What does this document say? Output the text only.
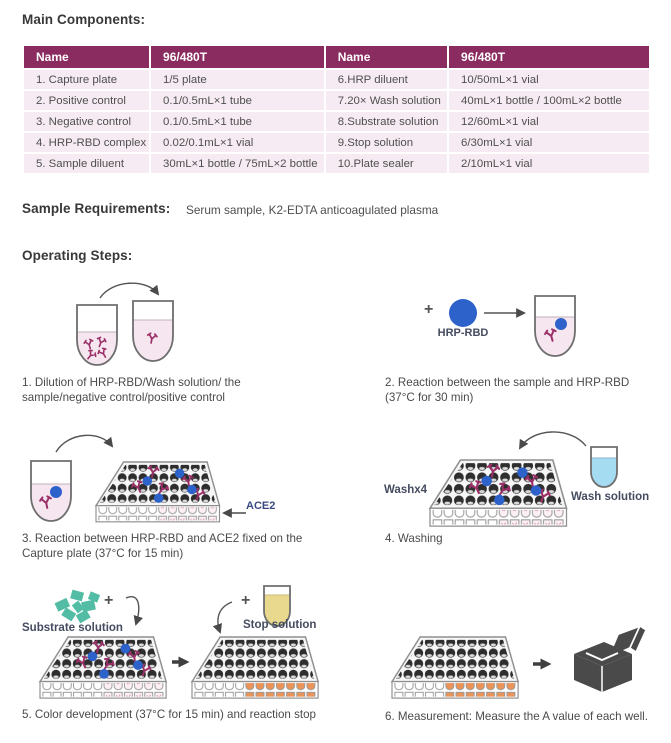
Main Components:
Name	96/480T	Name	96/480T
1. Capture plate	1/5 plate	6.HRP diluent	10/50mL×1 vial
2. Positive control	0.1/0.5mL×1 tube	7.20× Wash solution	40mL×1 bottle / 100mL×2 bottle
3. Negative control	0.1/0.5mL×1 tube	8.Substrate solution	12/60mL×1 vial
4. HRP-RBD complex	0.02/0.1mL×1 vial	9.Stop solution	6/30mL×1 vial
5. Sample diluent	30mL×1 bottle / 75mL×2 bottle	10.Plate sealer	2/10mL×1 vial
Sample Requirements: Serum sample, K2-EDTA anticoagulated plasma
Operating Steps:
+
HRP-RBD
ACE2
Washx4
Wash solution
Substrate solution	Stop solution
+	+
1. Dilution of HRP-RBD/Wash solution/ the sample/negative control/positive control
2. Reaction between the sample and HRP-RBD (37°C for 30 min)
3. Reaction between HRP-RBD and ACE2 fixed on the Capture plate (37°C for 15 min)
4. Washing
5. Color development (37°C for 15 min) and reaction stop	6. Measurement: Measure the A value of each well.
